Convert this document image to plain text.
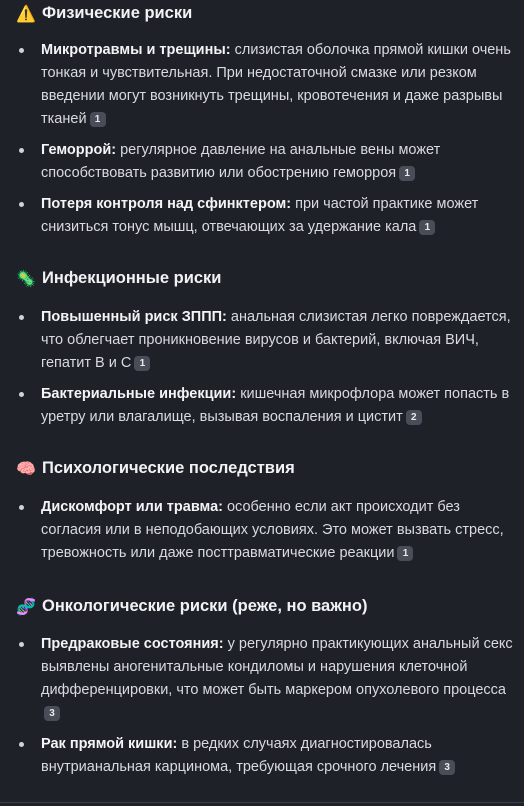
⚠️ Физические риски
Микротравмы и трещины: слизистая оболочка прямой кишки очень тонкая и чувствительная. При недостаточной смазке или резком введении могут возникнуть трещины, кровотечения и даже разрывы тканей 1
Геморрой: регулярное давление на анальные вены может способствовать развитию или обострению геморроя 1
Потеря контроля над сфинктером: при частой практике может снизиться тонус мышц, отвечающих за удержание кала 1
🦠 Инфекционные риски
Повышенный риск ЗППП: анальная слизистая легко повреждается, что облегчает проникновение вирусов и бактерий, включая ВИЧ, гепатит B и C 1
Бактериальные инфекции: кишечная микрофлора может попасть в уретру или влагалище, вызывая воспаления и цистит 2
🧠 Психологические последствия
Дискомфорт или травма: особенно если акт происходит без согласия или в неподобающих условиях. Это может вызвать стресс, тревожность или даже посттравматические реакции 1
🧬 Онкологические риски (реже, но важно)
Предраковые состояния: у регулярно практикующих анальный секс выявлены аногенитальные кондиломы и нарушения клеточной дифференцировки, что может быть маркером опухолевого процесса3
Рак прямой кишки: в редких случаях диагностировалась внутрианальная карцинома, требующая срочного лечения 3
